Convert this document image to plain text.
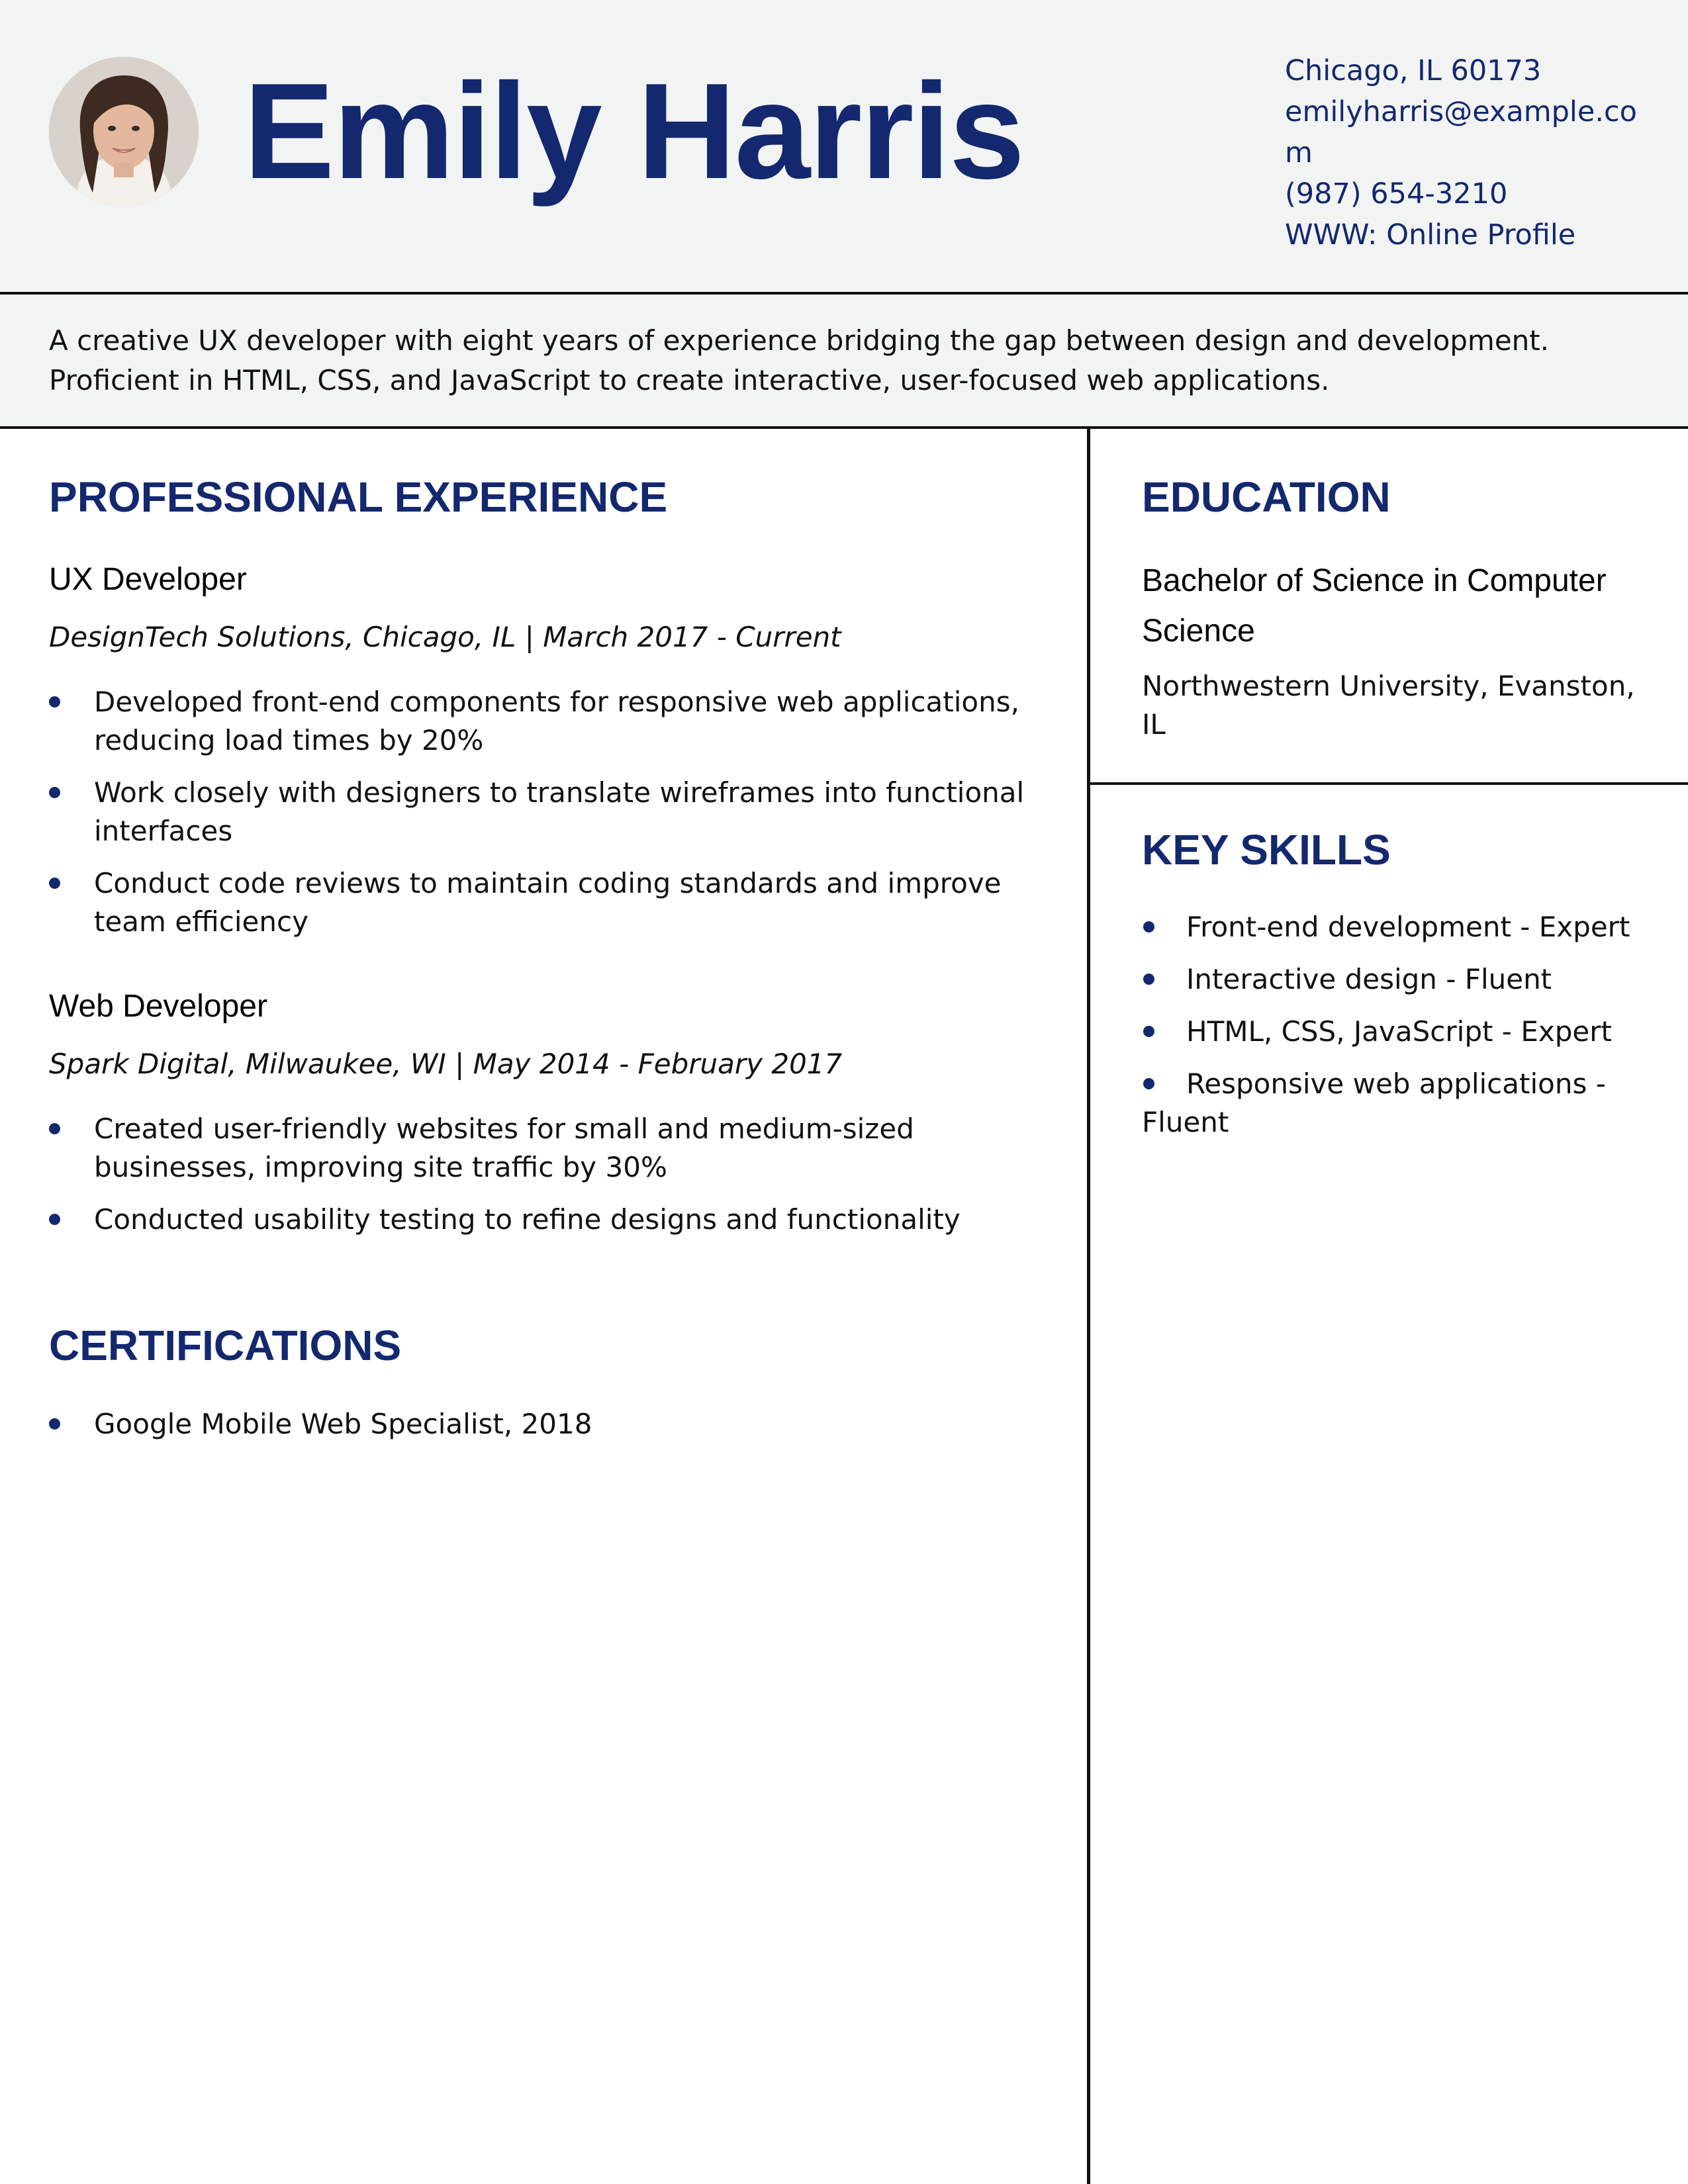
Emily Harris	Chicago, IL 60173
emilyharris@example.co m
(987) 654-3210
WWW: Online Profile
A creative UX developer with eight years of experience bridging the gap between design and development. Proficient in HTML, CSS, and JavaScript to create interactive, user-focused web applications.
PROFESSIONAL EXPERIENCE
UX Developer
DesignTech Solutions, Chicago, IL | March 2017 - Current
Developed front-end components for responsive web applications, reducing load times by 20%
Work closely with designers to translate wireframes into functional interfaces
Conduct code reviews to maintain coding standards and improve team efficiency
Web Developer
Spark Digital, Milwaukee, WI | May 2014 - February 2017
Created user-friendly websites for small and medium-sized businesses, improving site traffic by 30%
Conducted usability testing to refine designs and functionality
CERTIFICATIONS
Google Mobile Web Specialist, 2018
EDUCATION
Bachelor of Science in Computer Science
Northwestern University, Evanston, IL
KEY SKILLS
Front-end development - Expert
Interactive design - Fluent
HTML, CSS, JavaScript - Expert
Responsive web applications - Fluent
